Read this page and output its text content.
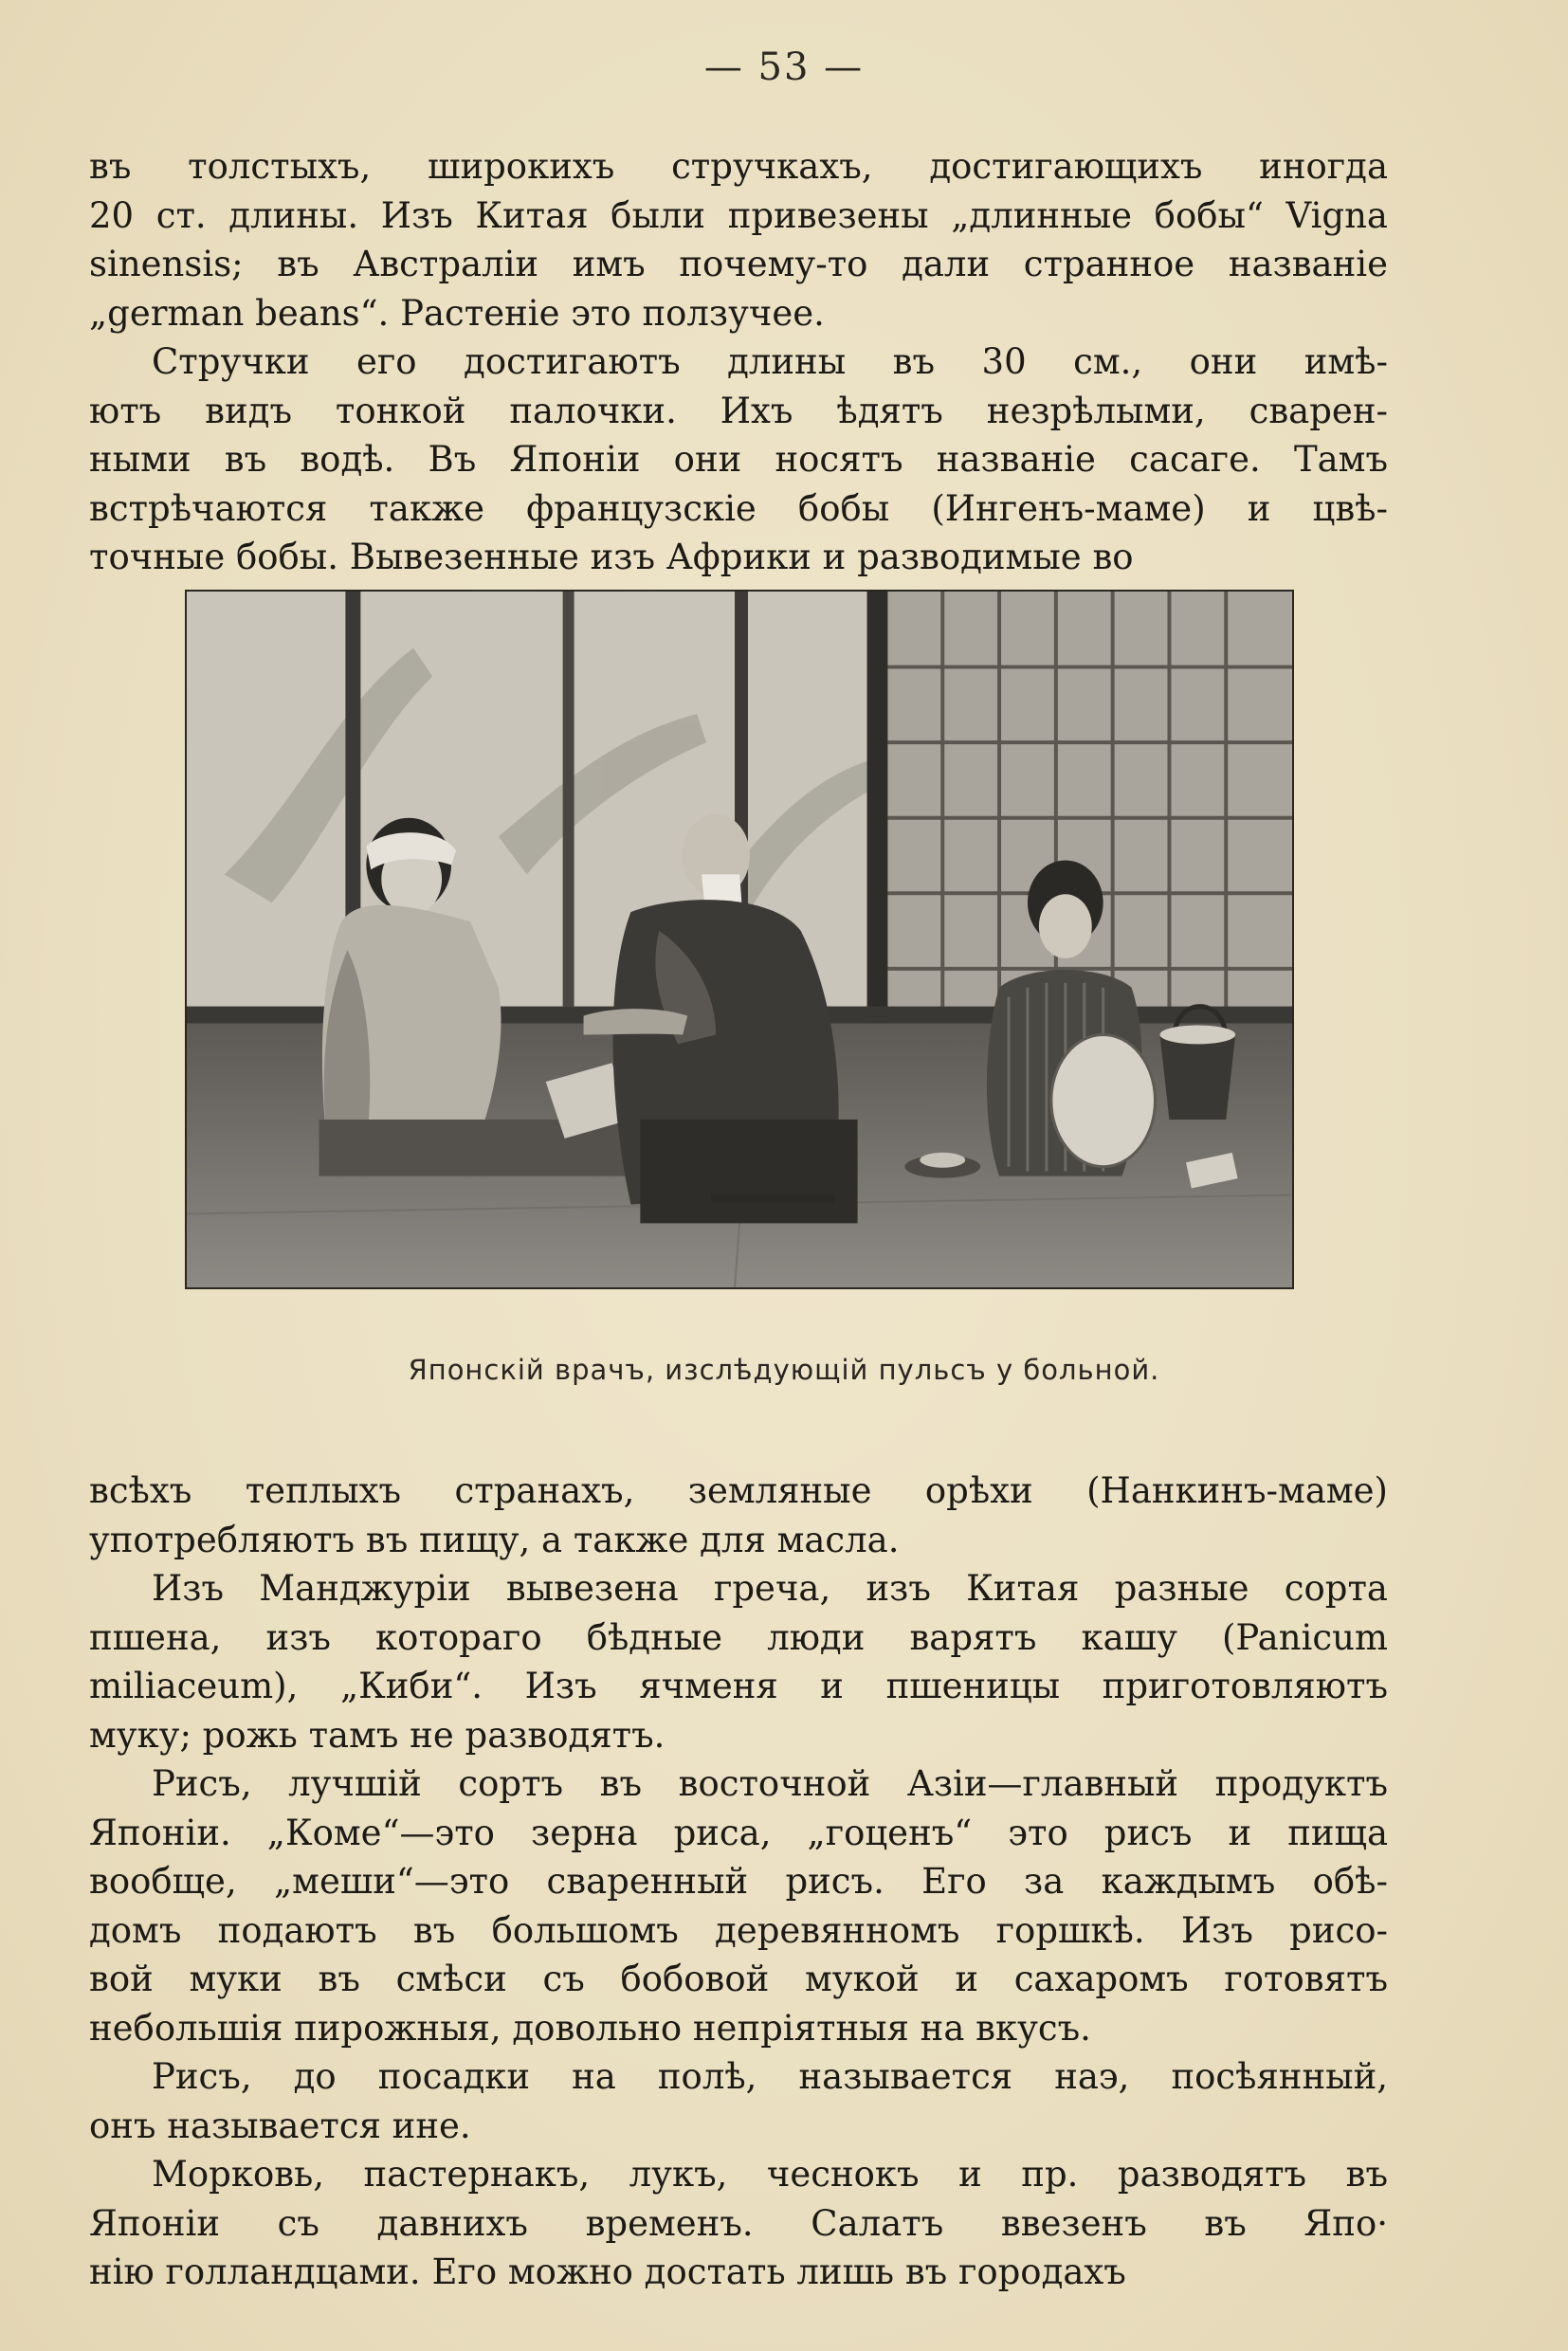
— 53 —

въ толстыхъ, широкихъ стручкахъ, достигающихъ иногда

20 ст. длины. Изъ Китая были привезены „длинные бобы“ Vigna

sinensis; въ Австраліи имъ почему-то дали странное названіе

„german beans“. Растеніе это ползучее.

Стручки его достигаютъ длины въ 30 см., они имѣ-

ютъ видъ тонкой палочки. Ихъ ѣдятъ незрѣлыми, сварен-

ными въ водѣ. Въ Японіи они носятъ названіе сасаге. Тамъ

встрѣчаются также французскіе бобы (Ингенъ-маме) и цвѣ-

точные бобы. Вывезенные изъ Африки и разводимые во

Японскій врачъ, изслѣдующій пульсъ у больной.

всѣхъ теплыхъ странахъ, земляные орѣхи (Нанкинъ-маме)

употребляютъ въ пищу, а также для масла.

Изъ Манджуріи вывезена греча, изъ Китая разные сорта

пшена, изъ котораго бѣдные люди варятъ кашу (Panicum

miliaceum), „Киби“. Изъ ячменя и пшеницы приготовляютъ

муку; рожь тамъ не разводятъ.

Рисъ, лучшій сортъ въ восточной Азіи—главный продуктъ

Японіи. „Коме“—это зерна риса, „гоценъ“ это рисъ и пища

вообще, „меши“—это сваренный рисъ. Его за каждымъ обѣ-

домъ подаютъ въ большомъ деревянномъ горшкѣ. Изъ рисо-

вой муки въ смѣси съ бобовой мукой и сахаромъ готовятъ

небольшія пирожныя, довольно непріятныя на вкусъ.

Рисъ, до посадки на полѣ, называется наэ, посѣянный,

онъ называется ине.

Морковь, пастернакъ, лукъ, чеснокъ и пр. разводятъ въ

Японіи съ давнихъ временъ. Салатъ ввезенъ въ Япо·

нію голландцами. Его можно достать лишь въ городахъ
